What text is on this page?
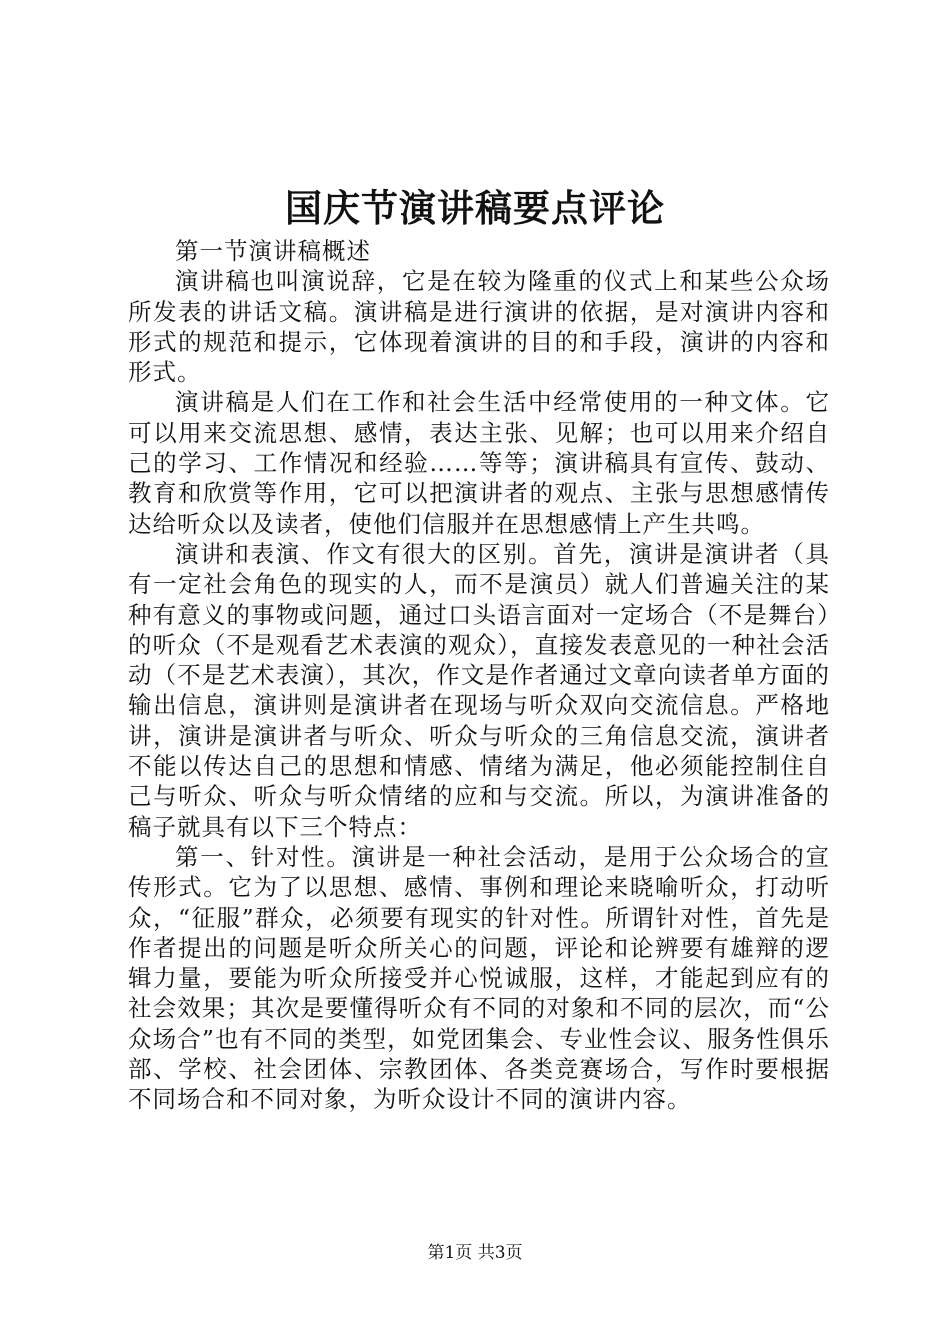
国庆节演讲稿要点评论

第一节演讲稿概述

演讲稿也叫演说辞，它是在较为隆重的仪式上和某些公众场所发表的讲话文稿。演讲稿是进行演讲的依据，是对演讲内容和形式的规范和提示，它体现着演讲的目的和手段，演讲的内容和形式。

演讲稿是人们在工作和社会生活中经常使用的一种文体。它可以用来交流思想、感情，表达主张、见解；也可以用来介绍自己的学习、工作情况和经验……等等；演讲稿具有宣传、鼓动、教育和欣赏等作用，它可以把演讲者的观点、主张与思想感情传达给听众以及读者，使他们信服并在思想感情上产生共鸣。

演讲和表演、作文有很大的区别。首先，演讲是演讲者（具有一定社会角色的现实的人，而不是演员）就人们普遍关注的某种有意义的事物或问题，通过口头语言面对一定场合（不是舞台）的听众（不是观看艺术表演的观众），直接发表意见的一种社会活动（不是艺术表演），其次，作文是作者通过文章向读者单方面的输出信息，演讲则是演讲者在现场与听众双向交流信息。严格地讲，演讲是演讲者与听众、听众与听众的三角信息交流，演讲者不能以传达自己的思想和情感、情绪为满足，他必须能控制住自己与听众、听众与听众情绪的应和与交流。所以，为演讲准备的稿子就具有以下三个特点：

第一、针对性。演讲是一种社会活动，是用于公众场合的宣传形式。它为了以思想、感情、事例和理论来晓喻听众，打动听众，“征服”群众，必须要有现实的针对性。所谓针对性，首先是作者提出的问题是听众所关心的问题，评论和论辨要有雄辩的逻辑力量，要能为听众所接受并心悦诚服，这样，才能起到应有的社会效果；其次是要懂得听众有不同的对象和不同的层次，而“公众场合”也有不同的类型，如党团集会、专业性会议、服务性俱乐部、学校、社会团体、宗教团体、各类竞赛场合，写作时要根据不同场合和不同对象，为听众设计不同的演讲内容。

第1页 共3页
